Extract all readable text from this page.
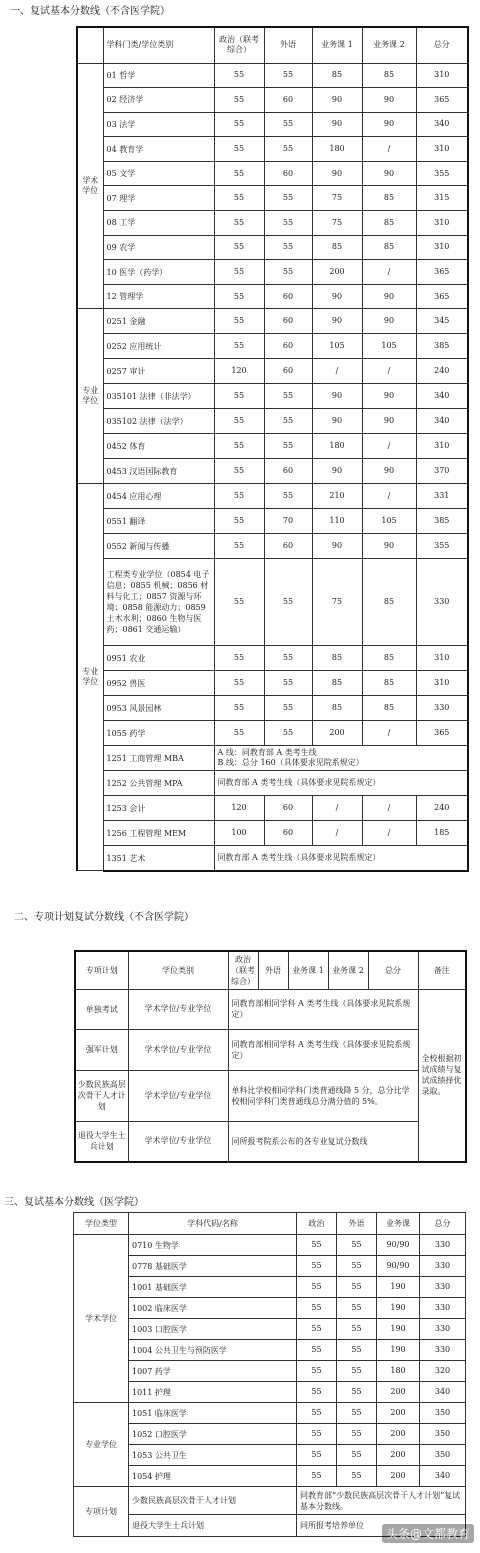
一、复试基本分数线（不含医学院）
	学科门类/学位类别	政治（联考综合）	外语	业务课 1	业务课 2	总分
学术学位	01 哲学	55	55	85	85	310
	02 经济学	55	60	90	90	365
	03 法学	55	55	90	90	340
	04 教育学	55	55	180	/	310
	05 文学	55	60	90	90	355
	07 理学	55	55	75	85	315
	08 工学	55	55	75	85	310
	09 农学	55	55	85	85	310
	10 医学（药学）	55	55	200	/	365
	12 管理学	55	60	90	90	365
专业学位	0251 金融	55	60	90	90	345
	0252 应用统计	55	60	105	105	385
	0257 审计	120	60	/	/	240
	035101 法律（非法学）	55	55	90	90	340
	035102 法律（法学）	55	55	90	90	340
	0452 体育	55	55	180	/	310
	0453 汉语国际教育	55	60	90	90	370
专业学位	0454 应用心理	55	55	210	/	331
	0551 翻译	55	70	110	105	385
	0552 新闻与传播	55	60	90	90	355
	工程类专业学位（0854 电子信息；0855 机械；0856 材料与化工；0857 资源与环境；0858 能源动力；0859 土木水利；0860 生物与医药；0861 交通运输）	55	55	75	85	330
	0951 农业	55	55	85	85	310
	0952 兽医	55	55	85	85	310
	0953 风景园林	55	55	85	85	330
	1055 药学	55	55	200	/	365
	1251 工商管理 MBA	A 线：同教育部 A 类考生线
B 线：总分 160（具体要求见院系规定）				
	1252 公共管理 MPA	同教育部 A 类考生线（具体要求见院系规定）				
	1253 会计	120	60	/	/	240
	1256 工程管理 MEM	100	60	/	/	185
	1351 艺术	同教育部 A 类考生线（具体要求见院系规定）				
二、专项计划复试分数线（不含医学院）
专项计划	学位类别	政治（联考综合）	外语	业务课 1	业务课 2	总分	备注
单独考试	学术学位/专业学位	同教育部相同学科 A 类考生线（具体要求见院系规定）					全校根据初试成绩与复试成绩择优录取。
强军计划	学术学位/专业学位	同教育部相同学科 A 类考生线（具体要求见院系规定）					
少数民族高层次骨干人才计划	学术学位/专业学位	单科比学校相同学科门类普通线降 5 分，总分比学校相同学科门类普通线总分满分值的 5%。					
退役大学生士兵计划	学术学位/专业学位	同所报考院系公布的各专业复试分数线					
三、复试基本分数线（医学院）
学位类型	学科代码/名称	政治	外语	业务课	总分
学术学位	0710 生物学	55	55	90/90	330
	0778 基础医学	55	55	90/90	330
	1001 基础医学	55	55	190	330
	1002 临床医学	55	55	190	330
	1003 口腔医学	55	55	190	330
	1004 公共卫生与预防医学	55	55	190	330
	1007 药学	55	55	180	320
	1011 护理	55	55	200	340
专业学位	1051 临床医学	55	55	200	350
	1052 口腔医学	55	55	200	350
	1053 公共卫生	55	55	200	350
	1054 护理	55	55	200	340
专项计划	少数民族高层次骨干人才计划	同教育部“少数民族高层次骨干人才计划”复试基本分数线。			
	退役大学生士兵计划	同所报考培养单位			
头条@文都教育
